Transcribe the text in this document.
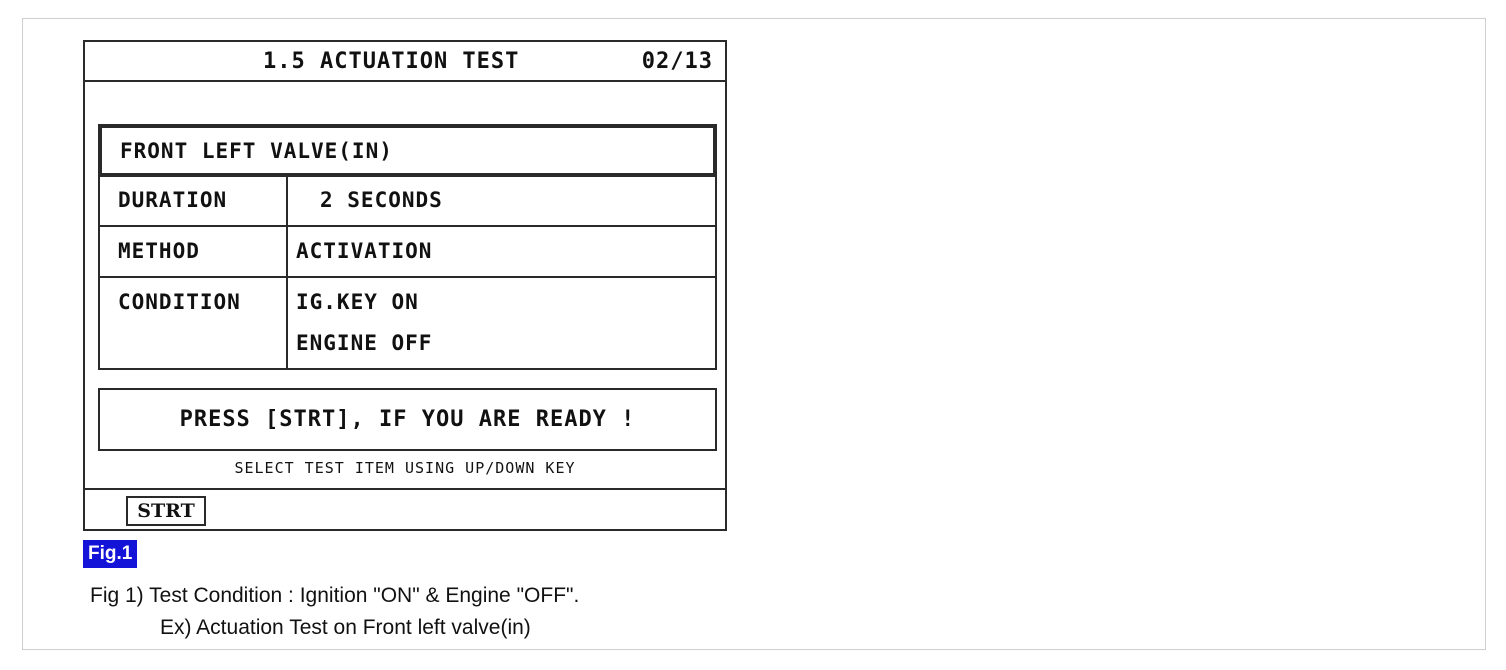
1.5 ACTUATION TEST	02/13
FRONT LEFT VALVE(IN)
DURATION	2 SECONDS
METHOD	ACTIVATION
CONDITION	IG.KEY ON
ENGINE OFF
PRESS [STRT], IF YOU ARE READY !
SELECT TEST ITEM USING UP/DOWN KEY
STRT
Fig.1
Fig 1) Test Condition : Ignition "ON" & Engine "OFF".
Ex) Actuation Test on Front left valve(in)
